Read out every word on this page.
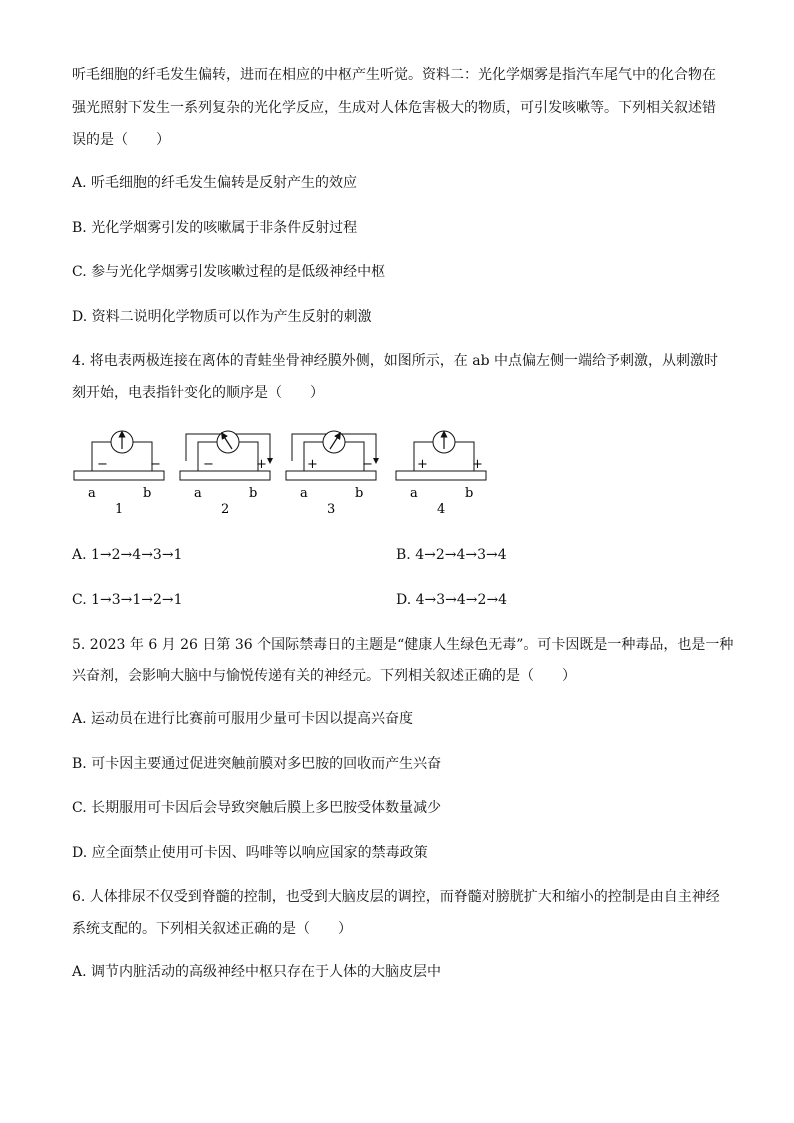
听毛细胞的纤毛发生偏转，进而在相应的中枢产生听觉。资料二：光化学烟雾是指汽车尾气中的化合物在
强光照射下发生一系列复杂的光化学反应，生成对人体危害极大的物质，可引发咳嗽等。下列相关叙述错
误的是（　　）
A. 听毛细胞的纤毛发生偏转是反射产生的效应
B. 光化学烟雾引发的咳嗽属于非条件反射过程
C. 参与光化学烟雾引发咳嗽过程的是低级神经中枢
D. 资料二说明化学物质可以作为产生反射的刺激
4. 将电表两极连接在离体的青蛙坐骨神经膜外侧，如图所示，在 ab 中点偏左侧一端给予刺激，从刺激时
刻开始，电表指针变化的顺序是（　　）
−	−
a	b
1
−	+
a	b
2
+	−
a	b
3
+	+
a	b
4
A. 1→2→4→3→1	B. 4→2→4→3→4
C. 1→3→1→2→1	D. 4→3→4→2→4
5. 2023 年 6 月 26 日第 36 个国际禁毒日的主题是“健康人生绿色无毒”。可卡因既是一种毒品，也是一种
兴奋剂，会影响大脑中与愉悦传递有关的神经元。下列相关叙述正确的是（　　）
A. 运动员在进行比赛前可服用少量可卡因以提高兴奋度
B. 可卡因主要通过促进突触前膜对多巴胺的回收而产生兴奋
C. 长期服用可卡因后会导致突触后膜上多巴胺受体数量减少
D. 应全面禁止使用可卡因、吗啡等以响应国家的禁毒政策
6. 人体排尿不仅受到脊髓的控制，也受到大脑皮层的调控，而脊髓对膀胱扩大和缩小的控制是由自主神经
系统支配的。下列相关叙述正确的是（　　）
A. 调节内脏活动的高级神经中枢只存在于人体的大脑皮层中
